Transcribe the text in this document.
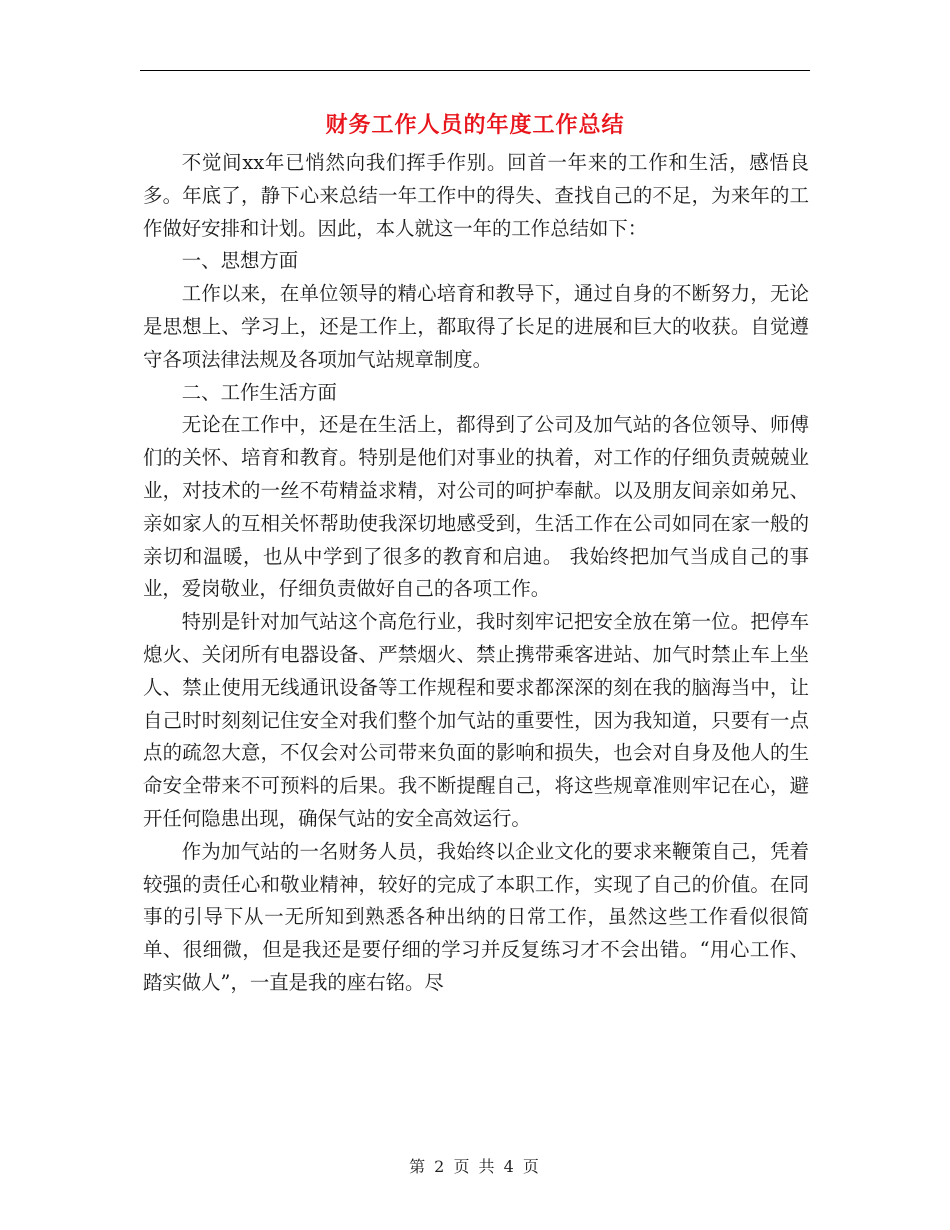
财务工作人员的年度工作总结

不觉间xx年已悄然向我们挥手作别。回首一年来的工作和生活，感悟良多。年底了，静下心来总结一年工作中的得失、查找自己的不足，为来年的工作做好安排和计划。因此，本人就这一年的工作总结如下：

一、思想方面

工作以来，在单位领导的精心培育和教导下，通过自身的不断努力，无论是思想上、学习上，还是工作上，都取得了长足的进展和巨大的收获。自觉遵守各项法律法规及各项加气站规章制度。

二、工作生活方面

无论在工作中，还是在生活上，都得到了公司及加气站的各位领导、师傅们的关怀、培育和教育。特别是他们对事业的执着，对工作的仔细负责兢兢业业，对技术的一丝不苟精益求精，对公司的呵护奉献。以及朋友间亲如弟兄、亲如家人的互相关怀帮助使我深切地感受到，生活工作在公司如同在家一般的亲切和温暖，也从中学到了很多的教育和启迪。 我始终把加气当成自己的事业，爱岗敬业，仔细负责做好自己的各项工作。

特别是针对加气站这个高危行业，我时刻牢记把安全放在第一位。把停车熄火、关闭所有电器设备、严禁烟火、禁止携带乘客进站、加气时禁止车上坐人、禁止使用无线通讯设备等工作规程和要求都深深的刻在我的脑海当中，让自己时时刻刻记住安全对我们整个加气站的重要性，因为我知道，只要有一点点的疏忽大意，不仅会对公司带来负面的影响和损失，也会对自身及他人的生命安全带来不可预料的后果。我不断提醒自己，将这些规章准则牢记在心，避开任何隐患出现，确保气站的安全高效运行。

作为加气站的一名财务人员，我始终以企业文化的要求来鞭策自己，凭着较强的责任心和敬业精神，较好的完成了本职工作，实现了自己的价值。在同事的引导下从一无所知到熟悉各种出纳的日常工作，虽然这些工作看似很简单、很细微，但是我还是要仔细的学习并反复练习才不会出错。“用心工作、踏实做人”，一直是我的座右铭。尽

第 2 页 共 4 页
